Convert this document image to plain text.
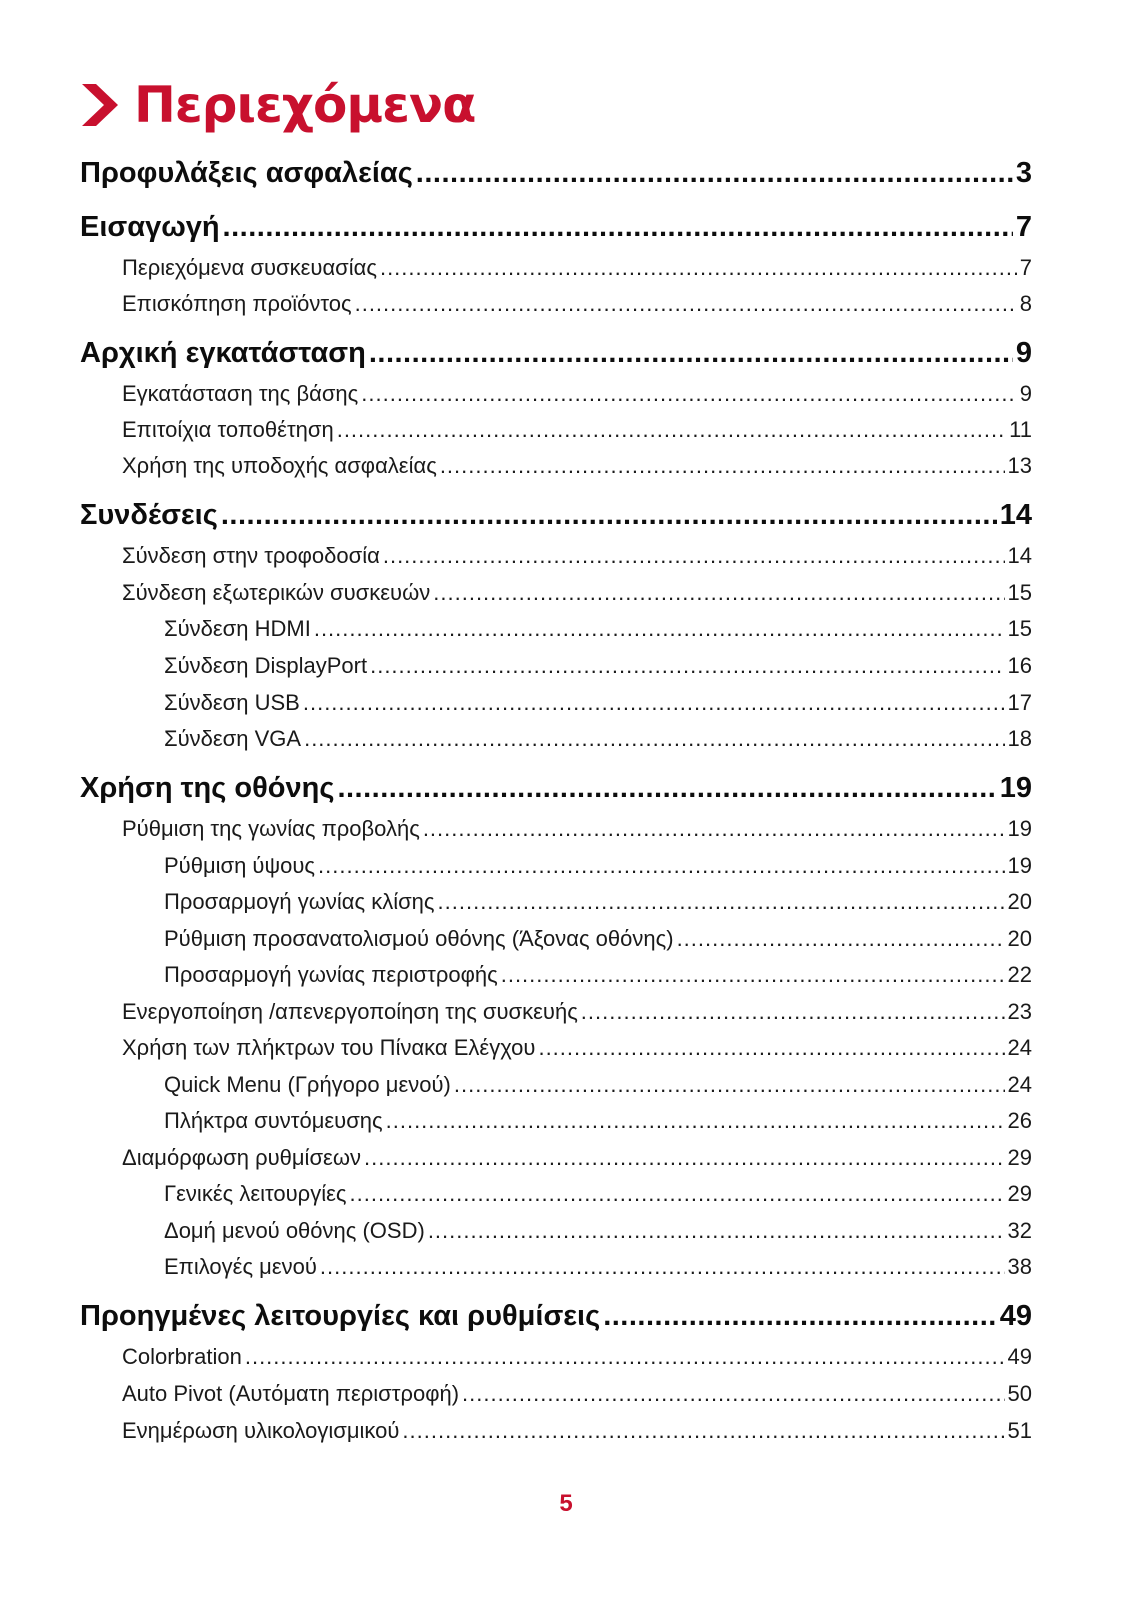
Περιεχόμενα
Προφυλάξεις ασφαλείας .....	3
Εισαγωγή .....	7
Περιεχόμενα συσκευασίας .....	7
Επισκόπηση προϊόντος .....	8
Αρχική εγκατάσταση .....	9
Εγκατάσταση της βάσης .....	9
Επιτοίχια τοποθέτηση .....	11
Χρήση της υποδοχής ασφαλείας .....	13
Συνδέσεις .....	14
Σύνδεση στην τροφοδοσία .....	14
Σύνδεση εξωτερικών συσκευών .....	15
Σύνδεση HDMI .....	15
Σύνδεση DisplayPort .....	16
Σύνδεση USB .....	17
Σύνδεση VGA .....	18
Χρήση της οθόνης .....	19
Ρύθμιση της γωνίας προβολής .....	19
Ρύθμιση ύψους .....	19
Προσαρμογή γωνίας κλίσης .....	20
Ρύθμιση προσανατολισμού οθόνης (Άξονας οθόνης) .....	20
Προσαρμογή γωνίας περιστροφής .....	22
Ενεργοποίηση /απενεργοποίηση της συσκευής .....	23
Χρήση των πλήκτρων του Πίνακα Ελέγχου .....	24
Quick Menu (Γρήγορο μενού) .....	24
Πλήκτρα συντόμευσης .....	26
Διαμόρφωση ρυθμίσεων .....	29
Γενικές λειτουργίες .....	29
Δομή μενού οθόνης (OSD) .....	32
Επιλογές μενού .....	38
Προηγμένες λειτουργίες και ρυθμίσεις .....	49
Colorbration .....	49
Auto Pivot (Αυτόματη περιστροφή) .....	50
Ενημέρωση υλικολογισμικού .....	51
5
